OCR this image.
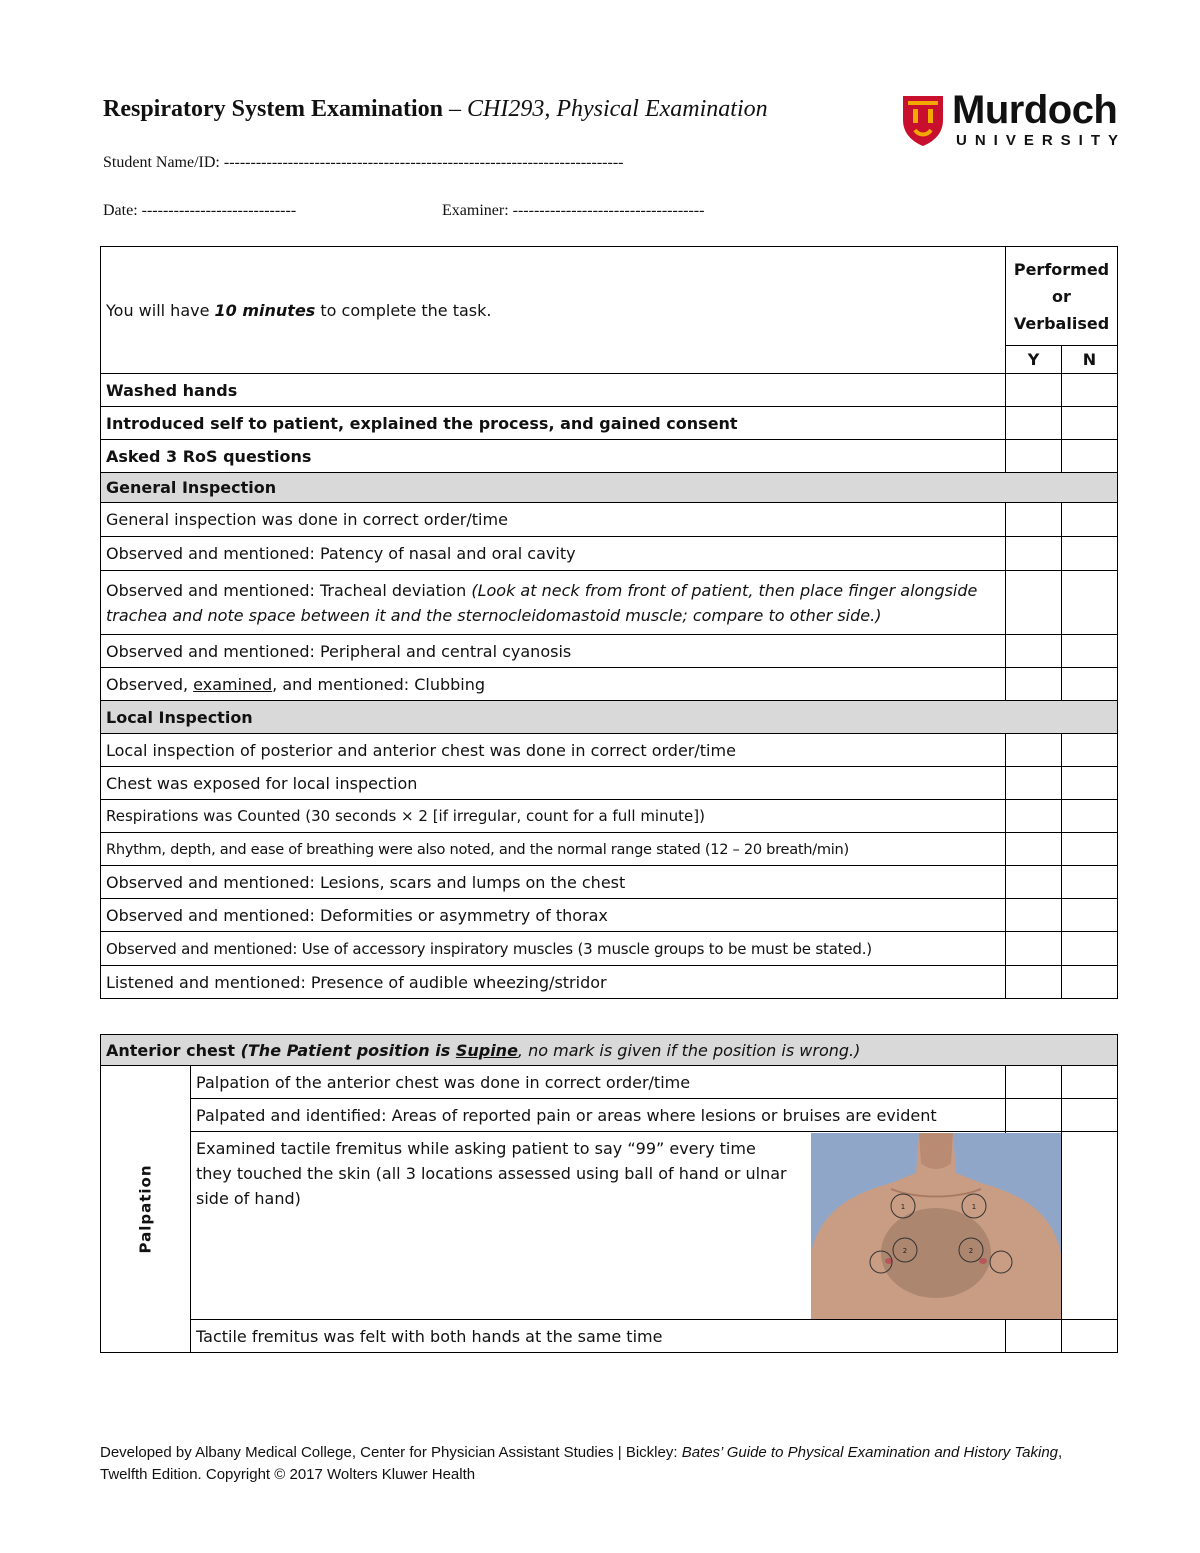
Respiratory System Examination – CHI293, Physical Examination	Murdoch
UNIVERSITY
Student Name/ID: ---------------------------------------------------------------------------
Date: -----------------------------	Examiner: ------------------------------------
You will have 10 minutes to complete the task.	Performed
or
Verbalised	

	Y	N
Washed hands		
Introduced self to patient, explained the process, and gained consent		
Asked 3 RoS questions		
General Inspection		
General inspection was done in correct order/time		
Observed and mentioned: Patency of nasal and oral cavity		
Observed and mentioned: Tracheal deviation (Look at neck from front of patient, then place finger alongside trachea and note space between it and the sternocleidomastoid muscle; compare to other side.)		
Observed and mentioned: Peripheral and central cyanosis		
Observed, examined, and mentioned: Clubbing		
Local Inspection		
Local inspection of posterior and anterior chest was done in correct order/time		
Chest was exposed for local inspection		
Respirations was Counted (30 seconds × 2 [if irregular, count for a full minute])		
Rhythm, depth, and ease of breathing were also noted, and the normal range stated (12 – 20 breath/min)		
Observed and mentioned: Lesions, scars and lumps on the chest		
Observed and mentioned: Deformities or asymmetry of thorax		
Observed and mentioned: Use of accessory inspiratory muscles (3 muscle groups to be must be stated.)		
Listened and mentioned: Presence of audible wheezing/stridor		
Anterior chest (The Patient position is Supine, no mark is given if the position is wrong.)			

Palpation	Palpation of the anterior chest was done in correct order/time		
	Palpated and identified: Areas of reported pain or areas where lesions or bruises are evident		

	Examined tactile fremitus while asking patient to say “99” every time they touched the skin (all 3 locations assessed using ball of hand or ulnar side of hand) 1 1
2 2		

	Tactile fremitus was felt with both hands at the same time		
Developed by Albany Medical College, Center for Physician Assistant Studies | Bickley: Bates’ Guide to Physical Examination and History Taking, Twelfth Edition. Copyright © 2017 Wolters Kluwer Health
